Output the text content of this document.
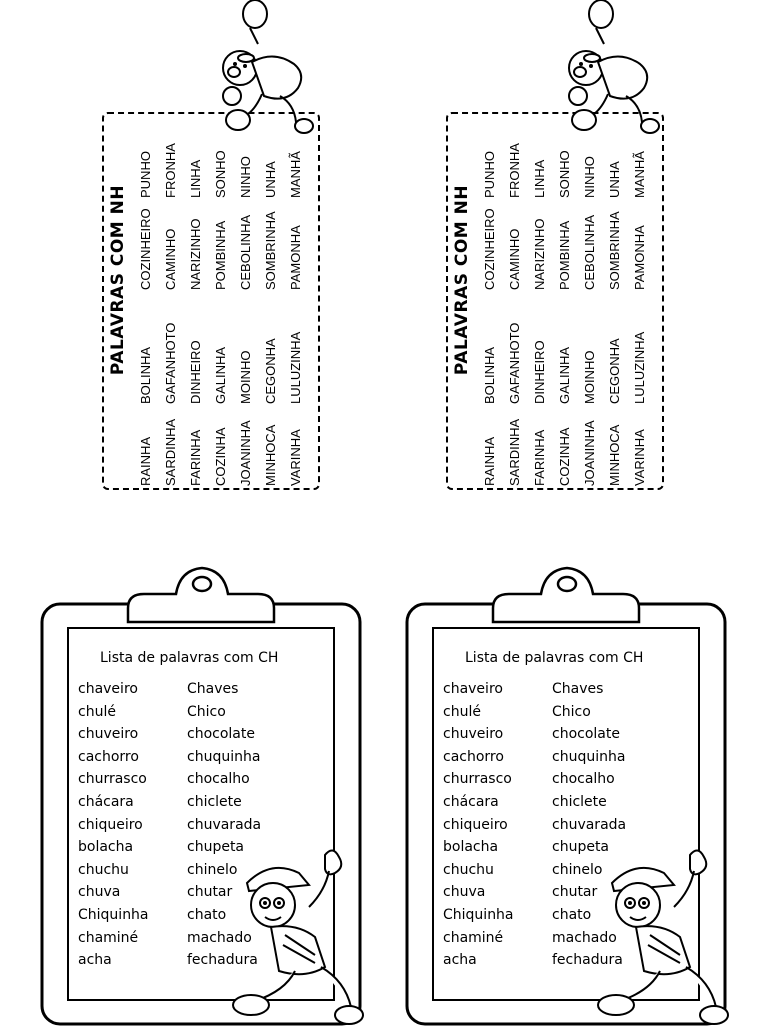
PALAVRAS COM NH
RAINHA
BOLINHA
COZINHEIRO
PUNHO
SARDINHA
GAFANHOTO
CAMINHO
FRONHA
FARINHA
DINHEIRO
NARIZINHO
LINHA
COZINHA
GALINHA
POMBINHA
SONHO
JOANINHA
MOINHO
CEBOLINHA
NINHO
MINHOCA
CEGONHA
SOMBRINHA
UNHA
VARINHA
LULUZINHA
PAMONHA
MANHÃ
PALAVRAS COM NH
RAINHA
BOLINHA
COZINHEIRO
PUNHO
SARDINHA
GAFANHOTO
CAMINHO
FRONHA
FARINHA
DINHEIRO
NARIZINHO
LINHA
COZINHA
GALINHA
POMBINHA
SONHO
JOANINHA
MOINHO
CEBOLINHA
NINHO
MINHOCA
CEGONHA
SOMBRINHA
UNHA
VARINHA
LULUZINHA
PAMONHA
MANHÃ
Lista de palavras com CH
chaveiro
chulé
chuveiro
cachorro
churrasco
chácara
chiqueiro
bolacha
chuchu
chuva
Chiquinha
chaminé
acha
Chaves
Chico
chocolate
chuquinha
chocalho
chiclete
chuvarada
chupeta
chinelo
chutar
chato
machado
fechadura
Lista de palavras com CH
chaveiro
chulé
chuveiro
cachorro
churrasco
chácara
chiqueiro
bolacha
chuchu
chuva
Chiquinha
chaminé
acha
Chaves
Chico
chocolate
chuquinha
chocalho
chiclete
chuvarada
chupeta
chinelo
chutar
chato
machado
fechadura
